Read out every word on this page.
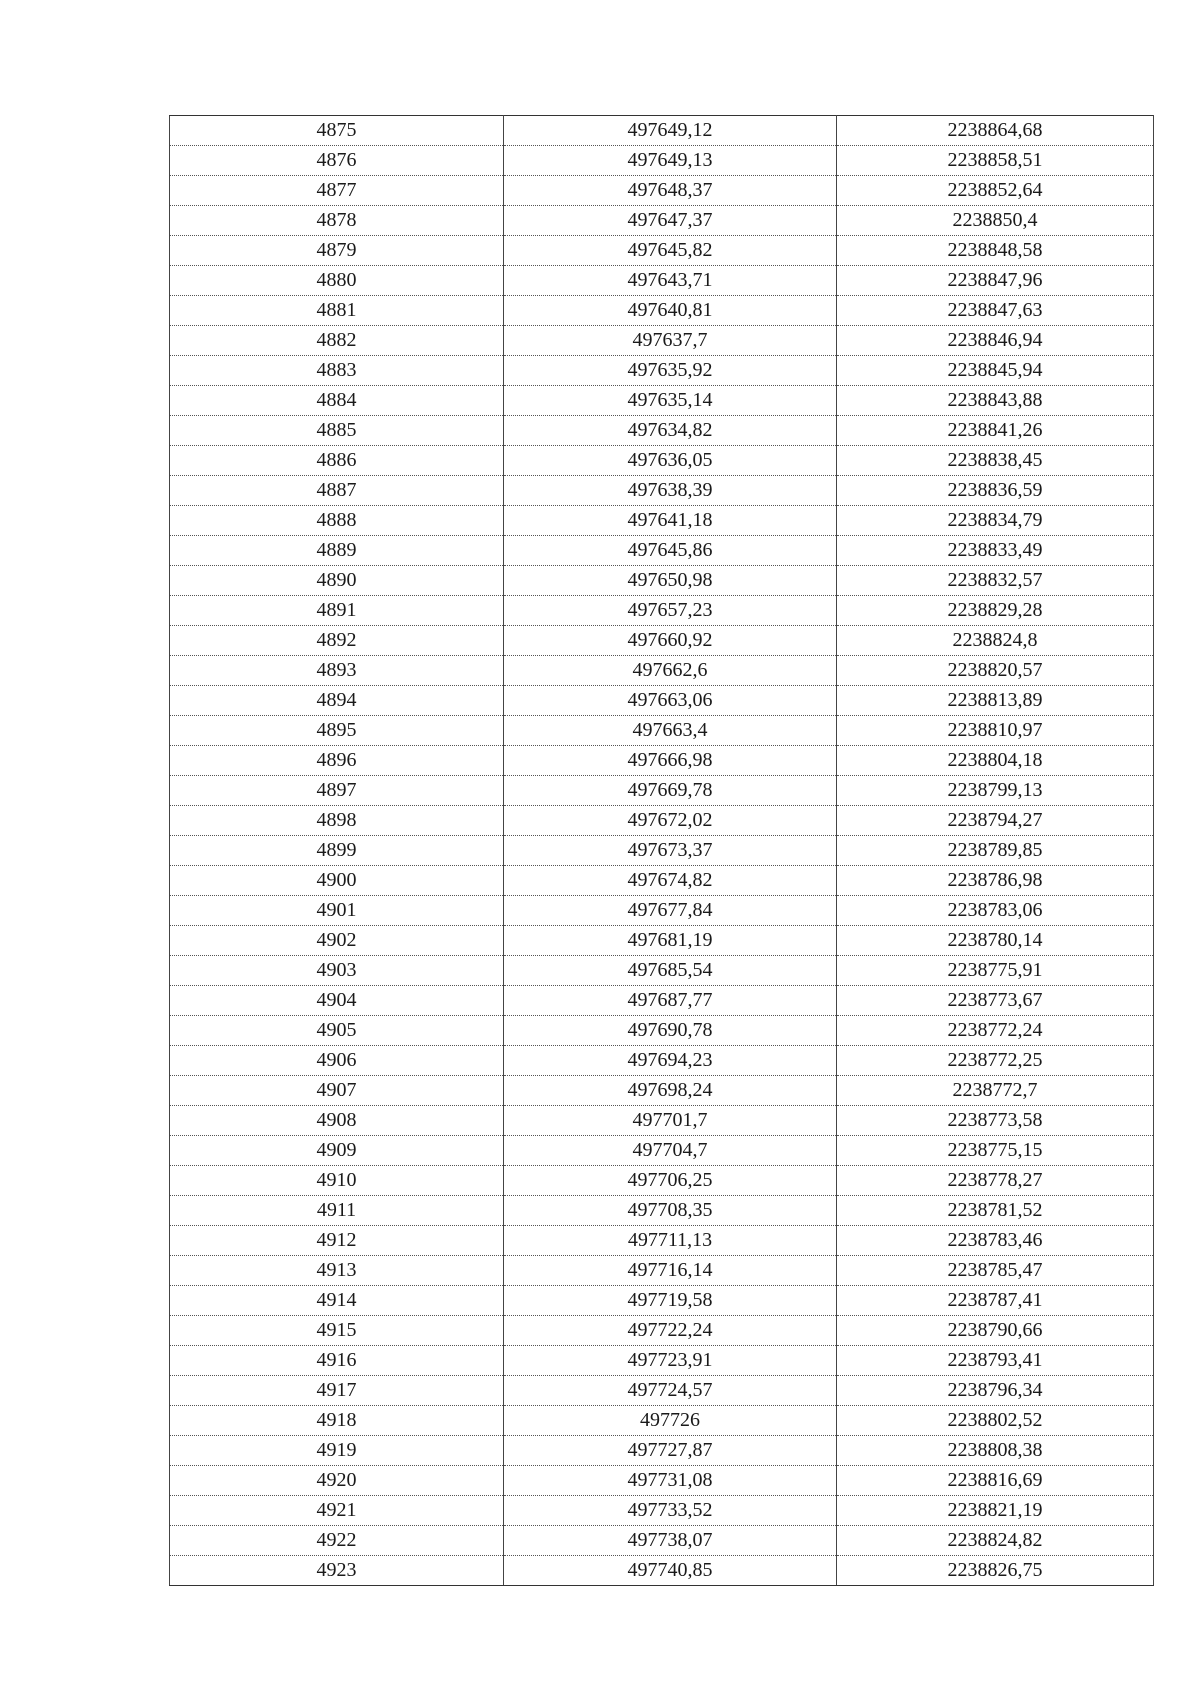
4875	497649,12	2238864,68
4876	497649,13	2238858,51
4877	497648,37	2238852,64
4878	497647,37	2238850,4
4879	497645,82	2238848,58
4880	497643,71	2238847,96
4881	497640,81	2238847,63
4882	497637,7	2238846,94
4883	497635,92	2238845,94
4884	497635,14	2238843,88
4885	497634,82	2238841,26
4886	497636,05	2238838,45
4887	497638,39	2238836,59
4888	497641,18	2238834,79
4889	497645,86	2238833,49
4890	497650,98	2238832,57
4891	497657,23	2238829,28
4892	497660,92	2238824,8
4893	497662,6	2238820,57
4894	497663,06	2238813,89
4895	497663,4	2238810,97
4896	497666,98	2238804,18
4897	497669,78	2238799,13
4898	497672,02	2238794,27
4899	497673,37	2238789,85
4900	497674,82	2238786,98
4901	497677,84	2238783,06
4902	497681,19	2238780,14
4903	497685,54	2238775,91
4904	497687,77	2238773,67
4905	497690,78	2238772,24
4906	497694,23	2238772,25
4907	497698,24	2238772,7
4908	497701,7	2238773,58
4909	497704,7	2238775,15
4910	497706,25	2238778,27
4911	497708,35	2238781,52
4912	497711,13	2238783,46
4913	497716,14	2238785,47
4914	497719,58	2238787,41
4915	497722,24	2238790,66
4916	497723,91	2238793,41
4917	497724,57	2238796,34
4918	497726	2238802,52
4919	497727,87	2238808,38
4920	497731,08	2238816,69
4921	497733,52	2238821,19
4922	497738,07	2238824,82
4923	497740,85	2238826,75
